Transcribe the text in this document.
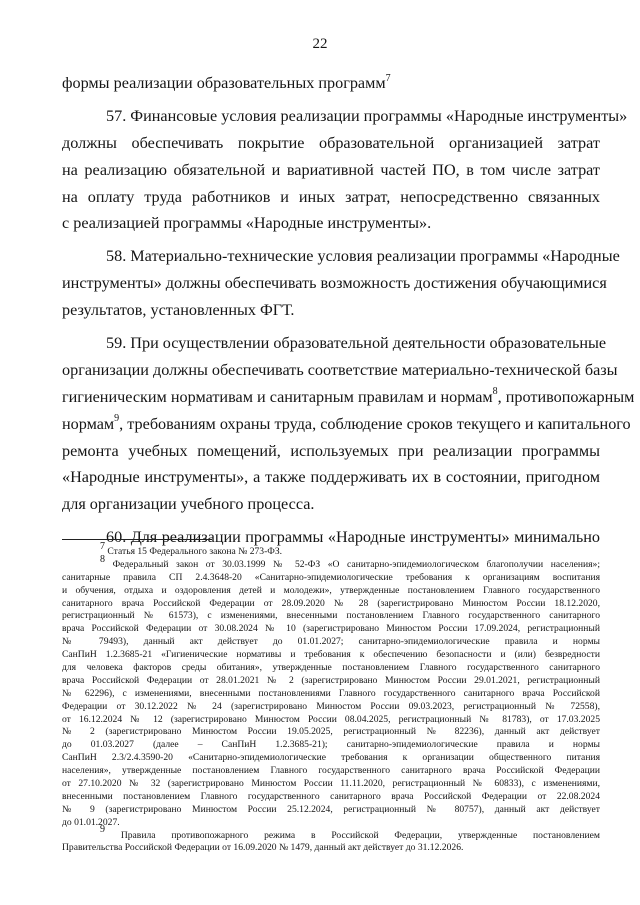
22
формы реализации образовательных программ$^7$
57. Финансовые условия реализации программы «Народные инструменты»
должны обеспечивать покрытие образовательной организацией затрат
на реализацию обязательной и вариативной частей ПО, в том числе затрат
на оплату труда работников и иных затрат, непосредственно связанных
с реализацией программы «Народные инструменты».
58. Материально-технические условия реализации программы «Народные
инструменты» должны обеспечивать возможность достижения обучающимися
результатов, установленных ФГТ.
59. При осуществлении образовательной деятельности образовательные
организации должны обеспечивать соответствие материально-технической базы
гигиеническим нормативам и санитарным правилам и нормам$^8$, противопожарным
нормам$^9$, требованиям охраны труда, соблюдение сроков текущего и капитального
ремонта учебных помещений, используемых при реализации программы
«Народные инструменты», а также поддерживать их в состоянии, пригодном
для организации учебного процесса.
60. Для реализации программы «Народные инструменты» минимально
$^7$ Статья 15 Федерального закона № 273-ФЗ.
$^8$ Федеральный закон от 30.03.1999 № 52-ФЗ «О санитарно-эпидемиологическом благополучии населения»;
санитарные правила СП 2.4.3648-20 «Санитарно-эпидемиологические требования к организациям воспитания
и обучения, отдыха и оздоровления детей и молодежи», утвержденные постановлением Главного государственного
санитарного врача Российской Федерации от 28.09.2020 № 28 (зарегистрировано Минюстом России 18.12.2020,
регистрационный № 61573), с изменениями, внесенными постановлением Главного государственного санитарного
врача Российской Федерации от 30.08.2024 № 10 (зарегистрировано Минюстом России 17.09.2024, регистрационный
№ 79493), данный акт действует до 01.01.2027; санитарно-эпидемиологические правила и нормы
СанПиН 1.2.3685-21 «Гигиенические нормативы и требования к обеспечению безопасности и (или) безвредности
для человека факторов среды обитания», утвержденные постановлением Главного государственного санитарного
врача Российской Федерации от 28.01.2021 № 2 (зарегистрировано Минюстом России 29.01.2021, регистрационный
№ 62296), с изменениями, внесенными постановлениями Главного государственного санитарного врача Российской
Федерации от 30.12.2022 № 24 (зарегистрировано Минюстом России 09.03.2023, регистрационный № 72558),
от 16.12.2024 № 12 (зарегистрировано Минюстом России 08.04.2025, регистрационный № 81783), от 17.03.2025
№ 2 (зарегистрировано Минюстом России 19.05.2025, регистрационный № 82236), данный акт действует
до 01.03.2027 (далее – СанПиН 1.2.3685-21); санитарно-эпидемиологические правила и нормы
СанПиН 2.3/2.4.3590-20 «Санитарно-эпидемиологические требования к организации общественного питания
населения», утвержденные постановлением Главного государственного санитарного врача Российской Федерации
от 27.10.2020 № 32 (зарегистрировано Минюстом России 11.11.2020, регистрационный № 60833), с изменениями,
внесенными постановлением Главного государственного санитарного врача Российской Федерации от 22.08.2024
№ 9 (зарегистрировано Минюстом России 25.12.2024, регистрационный № 80757), данный акт действует
до 01.01.2027.
$^9$ Правила противопожарного режима в Российской Федерации, утвержденные постановлением
Правительства Российской Федерации от 16.09.2020 № 1479, данный акт действует до 31.12.2026.
